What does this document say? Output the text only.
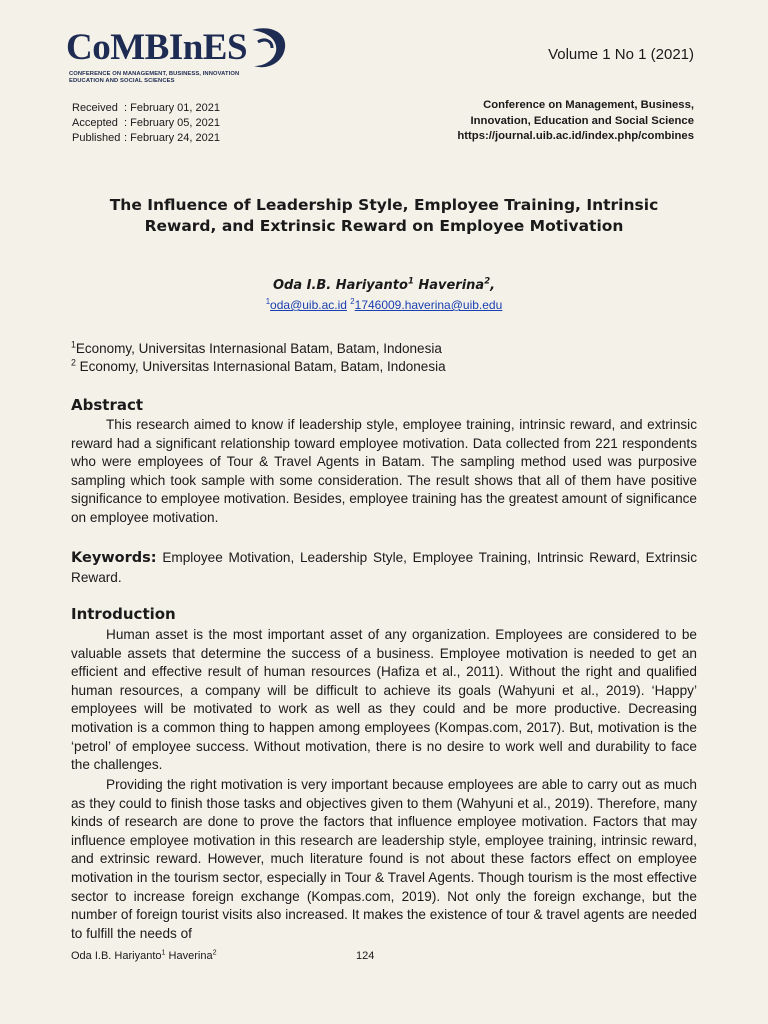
CoMBInES
CONFERENCE ON MANAGEMENT, BUSINESS, INNOVATION
EDUCATION AND SOCIAL SCIENCES
Volume 1 No 1 (2021)
Received : February 01, 2021
Accepted : February 05, 2021
Published : February 24, 2021
Conference on Management, Business,
Innovation, Education and Social Science
https://journal.uib.ac.id/index.php/combines
The Influence of Leadership Style, Employee Training, Intrinsic
Reward, and Extrinsic Reward on Employee Motivation
Oda I.B. Hariyanto$^1$ Haverina$^2$,
$^1$oda@uib.ac.id $^2$1746009.haverina@uib.edu
$^1$Economy, Universitas Internasional Batam, Batam, Indonesia
$^2$ Economy, Universitas Internasional Batam, Batam, Indonesia
Abstract

This research aimed to know if leadership style, employee training, intrinsic reward, and extrinsic reward had a significant relationship toward employee motivation. Data collected from 221 respondents who were employees of Tour & Travel Agents in Batam. The sampling method used was purposive sampling which took sample with some consideration. The result shows that all of them have positive significance to employee motivation. Besides, employee training has the greatest amount of significance on employee motivation.

Keywords: Employee Motivation, Leadership Style, Employee Training, Intrinsic Reward, Extrinsic Reward.
Introduction

Human asset is the most important asset of any organization. Employees are considered to be valuable assets that determine the success of a business. Employee motivation is needed to get an efficient and effective result of human resources (Hafiza et al., 2011). Without the right and qualified human resources, a company will be difficult to achieve its goals (Wahyuni et al., 2019). ‘Happy’ employees will be motivated to work as well as they could and be more productive. Decreasing motivation is a common thing to happen among employees (Kompas.com, 2017). But, motivation is the ‘petrol’ of employee success. Without motivation, there is no desire to work well and durability to face the challenges.

Providing the right motivation is very important because employees are able to carry out as much as they could to finish those tasks and objectives given to them (Wahyuni et al., 2019). Therefore, many kinds of research are done to prove the factors that influence employee motivation. Factors that may influence employee motivation in this research are leadership style, employee training, intrinsic reward, and extrinsic reward. However, much literature found is not about these factors effect on employee motivation in the tourism sector, especially in Tour & Travel Agents. Though tourism is the most effective sector to increase foreign exchange (Kompas.com, 2019). Not only the foreign exchange, but the number of foreign tourist visits also increased. It makes the existence of tour & travel agents are needed to fulfill the needs of

Oda I.B. Hariyanto$^1$ Haverina$^2$	124
